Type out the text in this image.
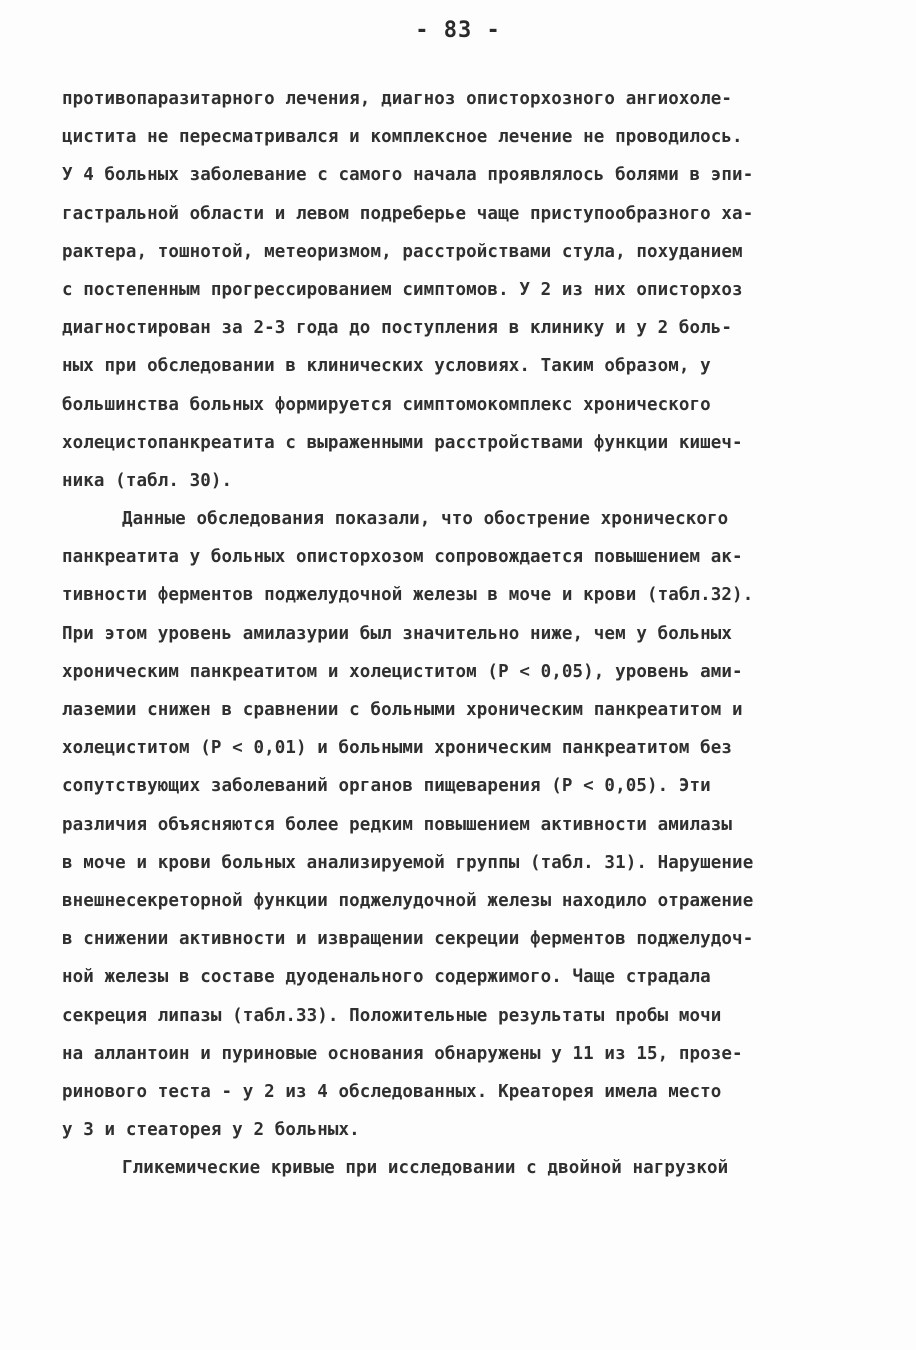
- 83 -
противопаразитарного лечения, диагноз описторхозного ангиохоле-
цистита не пересматривался и комплексное лечение не проводилось.
У 4 больных заболевание с самого начала проявлялось болями в эпи-
гастральной области и левом подреберье чаще приступообразного ха-
рактера, тошнотой, метеоризмом, расстройствами стула, похуданием
с постепенным прогрессированием симптомов. У 2 из них описторхоз
диагностирован за 2-3 года до поступления в клинику и у 2 боль-
ных при обследовании в клинических условиях. Таким образом, у
большинства больных формируется симптомокомплекс хронического
холецистопанкреатита с выраженными расстройствами функции кишеч-
ника (табл. 30).
Данные обследования показали, что обострение хронического
панкреатита у больных описторхозом сопровождается повышением ак-
тивности ферментов поджелудочной железы в моче и крови (табл.32).
При этом уровень амилазурии был значительно ниже, чем у больных
хроническим панкреатитом и холециститом (Р < 0,05), уровень ами-
лаземии снижен в сравнении с больными хроническим панкреатитом и
холециститом (Р < 0,01) и больными хроническим панкреатитом без
сопутствующих заболеваний органов пищеварения (Р < 0,05). Эти
различия объясняются более редким повышением активности амилазы
в моче и крови больных анализируемой группы (табл. 31). Нарушение
внешнесекреторной функции поджелудочной железы находило отражение
в снижении активности и извращении секреции ферментов поджелудоч-
ной железы в составе дуоденального содержимого. Чаще страдала
секреция липазы (табл.33). Положительные результаты пробы мочи
на аллантоин и пуриновые основания обнаружены у 11 из 15, прозе-
ринового теста - у 2 из 4 обследованных. Креаторея имела место
у 3 и стеаторея у 2 больных.
Гликемические кривые при исследовании с двойной нагрузкой
